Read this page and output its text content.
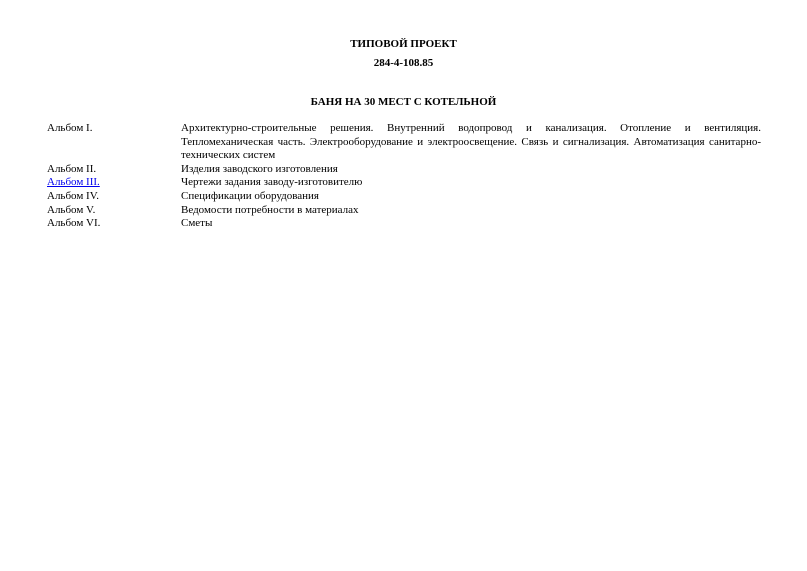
ТИПОВОЙ ПРОЕКТ
284-4-108.85
БАНЯ НА 30 МЕСТ С КОТЕЛЬНОЙ
Альбом I.	Архитектурно-строительные решения. Внутренний водопровод и канализация. Отопление и вентиляция. Тепломеханическая часть. Электрооборудование и электроосвещение. Связь и сигнализация. Автоматизация санитарно-технических систем
Альбом II.	Изделия заводского изготовления
Альбом III.	Чертежи задания заводу-изготовителю
Альбом IV.	Спецификации оборудования
Альбом V.	Ведомости потребности в материалах
Альбом VI.	Сметы
